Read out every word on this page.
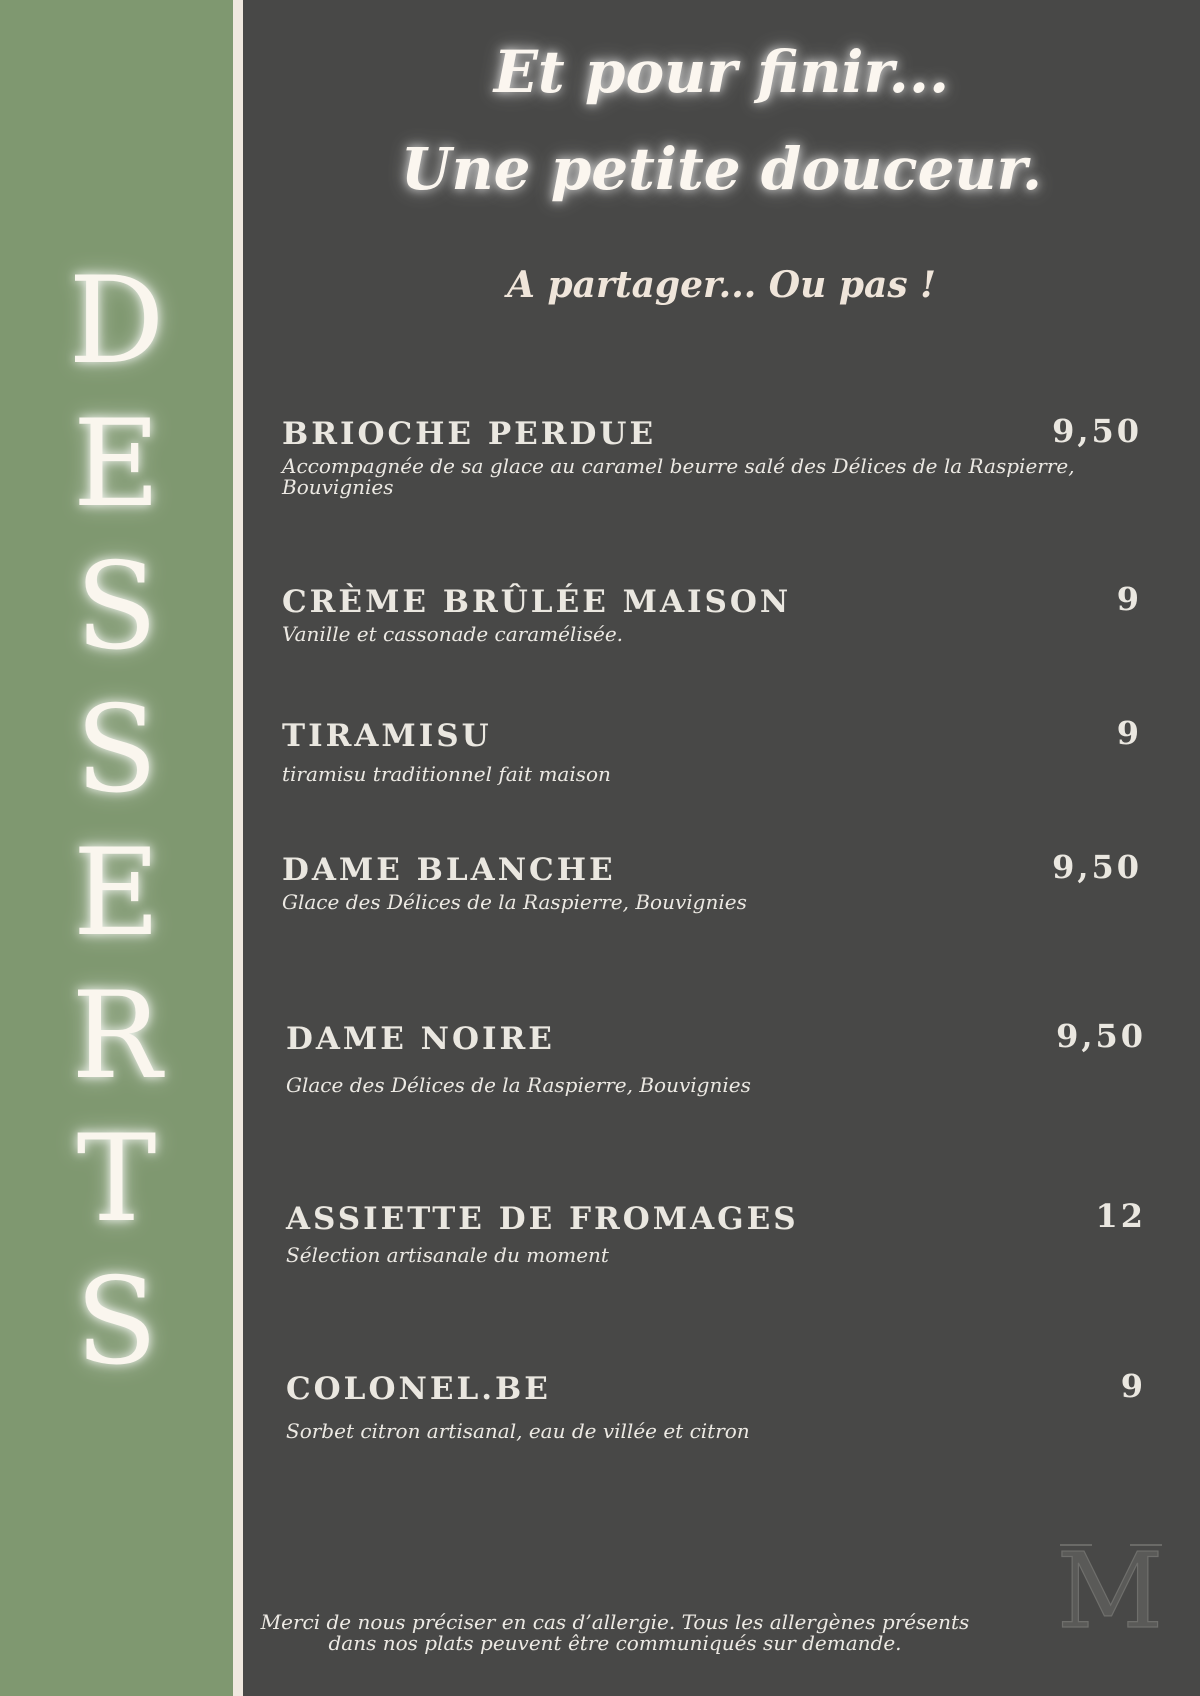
D
E
S
S
E
R
T
S
Et pour finir...
Une petite douceur.
A partager... Ou pas !
BRIOCHE PERDUE	9,50
Accompagnée de sa glace au caramel beurre salé des Délices de la Raspierre, Bouvignies
CRÈME BRÛLÉE MAISON	9
Vanille et cassonade caramélisée.
TIRAMISU	9
tiramisu traditionnel fait maison
DAME BLANCHE	9,50
Glace des Délices de la Raspierre, Bouvignies
DAME NOIRE	9,50
Glace des Délices de la Raspierre, Bouvignies
ASSIETTE DE FROMAGES	12
Sélection artisanale du moment
COLONEL.BE	9
Sorbet citron artisanal, eau de villée et citron
Merci de nous préciser en cas d’allergie. Tous les allergènes présents dans nos plats peuvent être communiqués sur demande.	M
